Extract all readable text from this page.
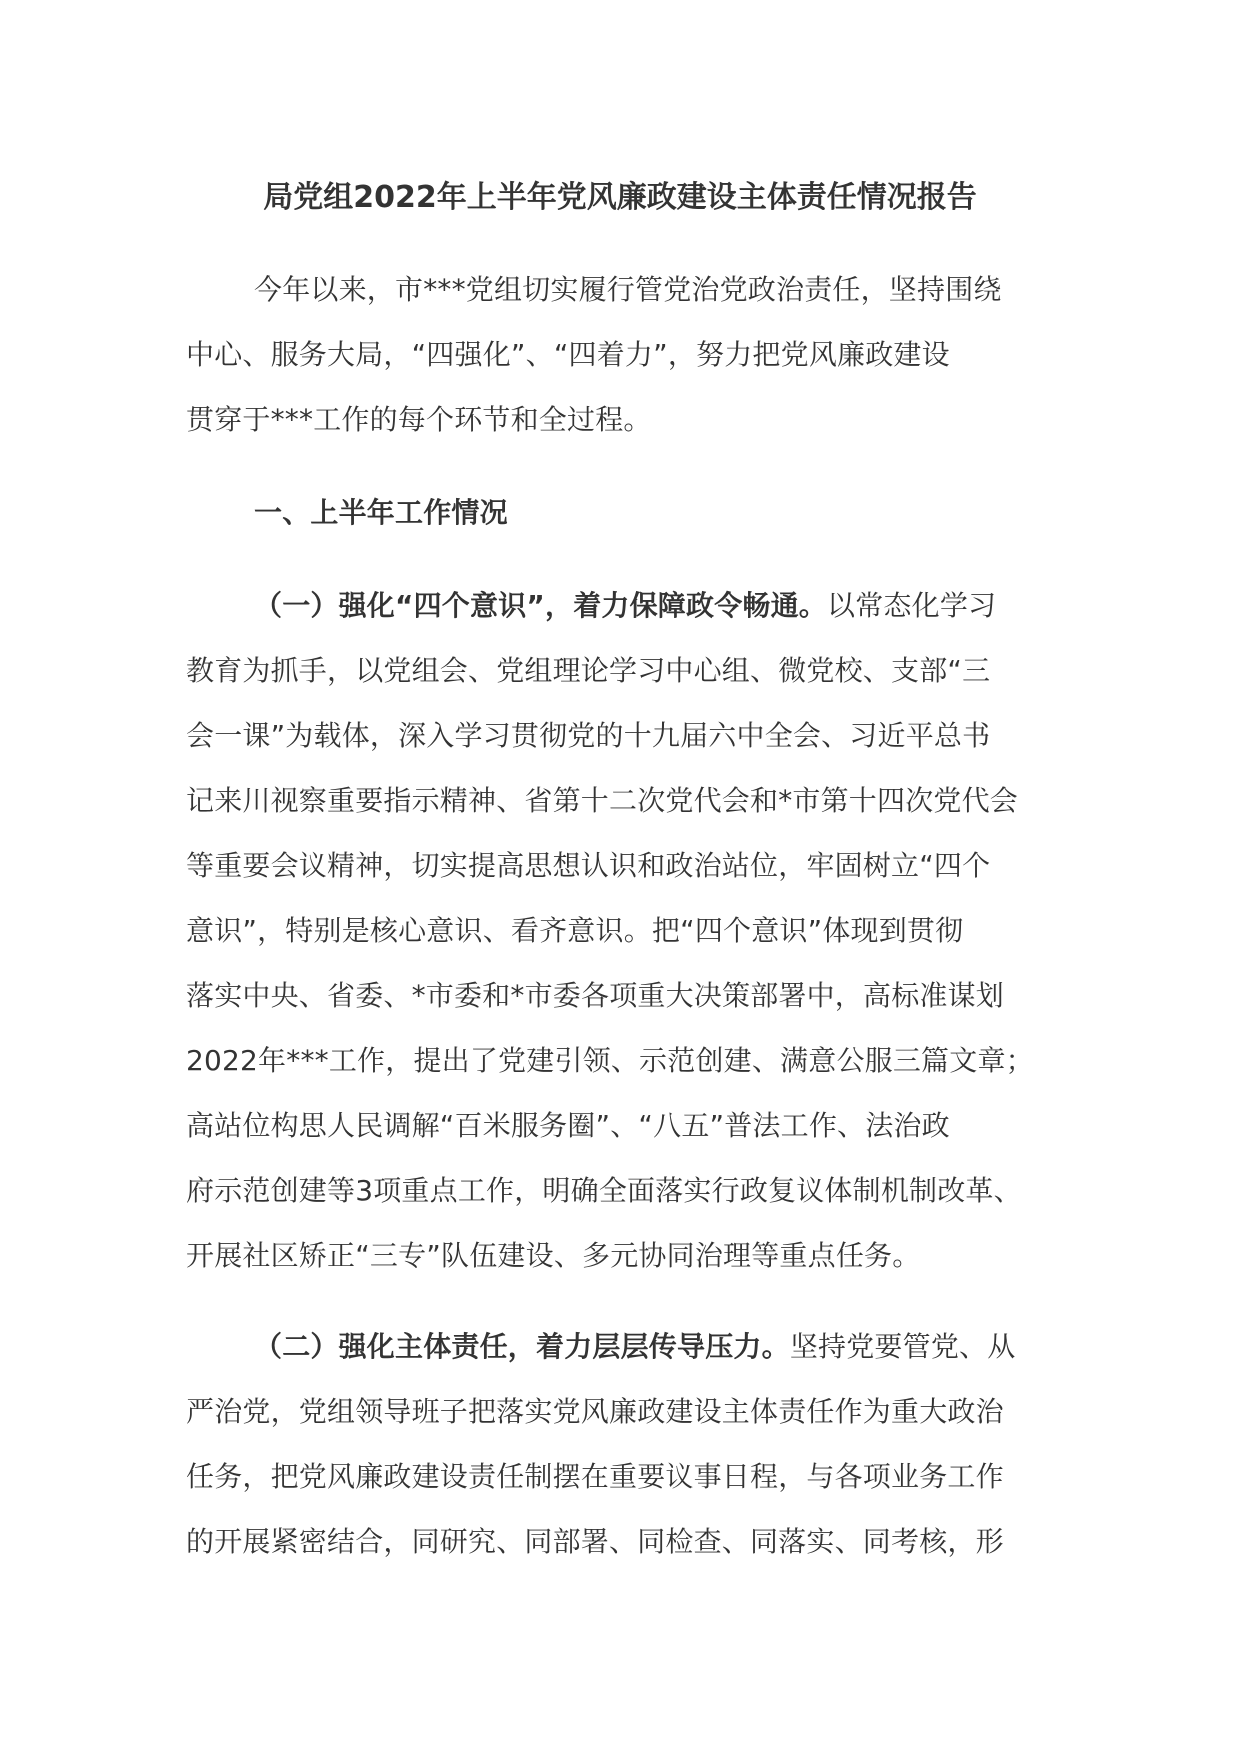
局党组2022年上半年党风廉政建设主体责任情况报告
今年以来，市***党组切实履行管党治党政治责任，坚持围绕
中心、服务大局，“四强化”、“四着力”，努力把党风廉政建设
贯穿于***工作的每个环节和全过程。
一、上半年工作情况
（一）强化“四个意识”，着力保障政令畅通。以常态化学习
教育为抓手，以党组会、党组理论学习中心组、微党校、支部“三
会一课”为载体，深入学习贯彻党的十九届六中全会、习近平总书
记来川视察重要指示精神、省第十二次党代会和*市第十四次党代会
等重要会议精神，切实提高思想认识和政治站位，牢固树立“四个
意识”，特别是核心意识、看齐意识。把“四个意识”体现到贯彻
落实中央、省委、*市委和*市委各项重大决策部署中，高标准谋划
2022年***工作，提出了党建引领、示范创建、满意公服三篇文章；
高站位构思人民调解“百米服务圈”、“八五”普法工作、法治政
府示范创建等3项重点工作，明确全面落实行政复议体制机制改革、
开展社区矫正“三专”队伍建设、多元协同治理等重点任务。
（二）强化主体责任，着力层层传导压力。坚持党要管党、从
严治党，党组领导班子把落实党风廉政建设主体责任作为重大政治
任务，把党风廉政建设责任制摆在重要议事日程，与各项业务工作
的开展紧密结合，同研究、同部署、同检查、同落实、同考核，形
